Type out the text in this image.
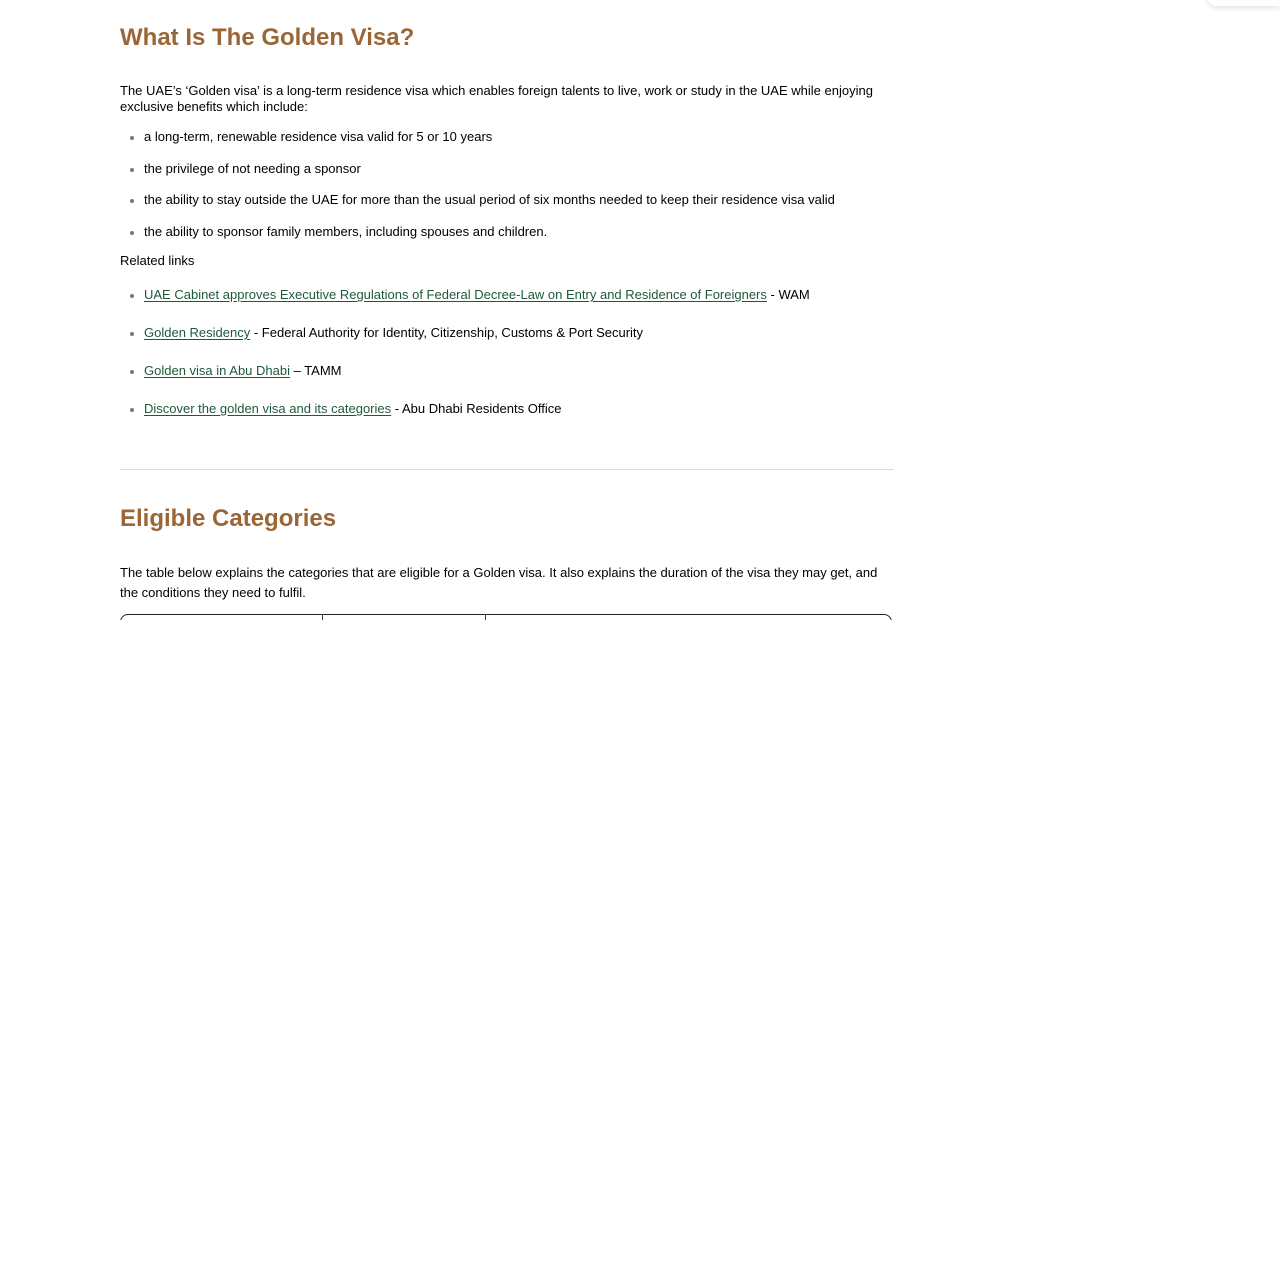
What Is The Golden Visa?

The UAE’s ‘Golden visa’ is a long-term residence visa which enables foreign talents to live, work or study in the UAE while enjoying exclusive benefits which include:

• a long-term, renewable residence visa valid for 5 or 10 years
• the privilege of not needing a sponsor
• the ability to stay outside the UAE for more than the usual period of six months needed to keep their residence visa valid
• the ability to sponsor family members, including spouses and children.

Related links

• UAE Cabinet approves Executive Regulations of Federal Decree-Law on Entry and Residence of Foreigners - WAM
• Golden Residency - Federal Authority for Identity, Citizenship, Customs & Port Security
• Golden visa in Abu Dhabi – TAMM
• Discover the golden visa and its categories - Abu Dhabi Residents Office
Eligible Categories

The table below explains the categories that are eligible for a Golden visa. It also explains the duration of the visa they may get, and the conditions they need to fulfil.
